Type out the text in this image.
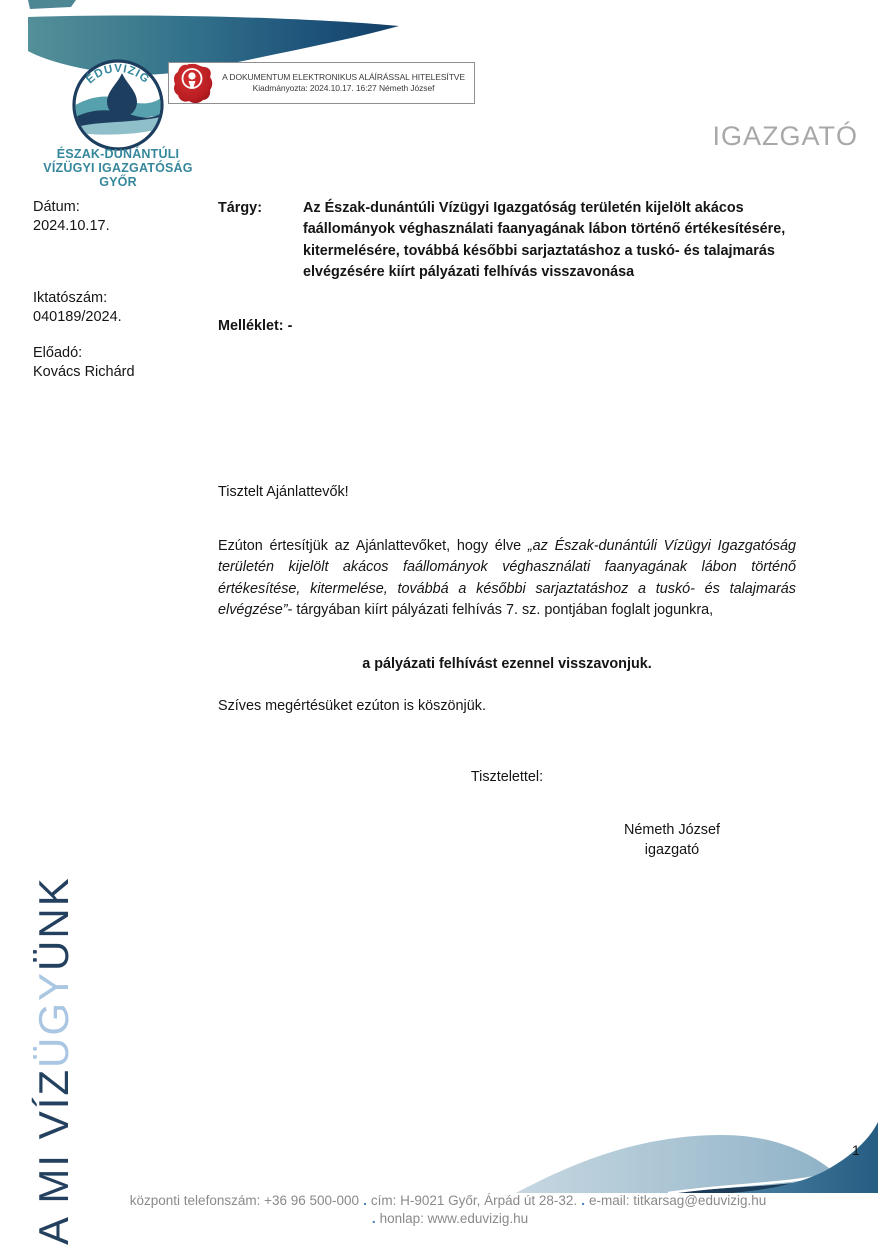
ÉDUVIZIG
ÉSZAK-DUNÁNTÚLI
VÍZÜGYI IGAZGATÓSÁG
GYŐR
A DOKUMENTUM ELEKTRONIKUS ALÁÍRÁSSAL HITELESÍTVE
Kiadmányozta: 2024.10.17. 16:27 Németh József
IGAZGATÓ
Dátum:
2024.10.17.
Iktatószám:
040189/2024.
Előadó:
Kovács Richárd
Tárgy:	Az Észak-dunántúli Vízügyi Igazgatóság területén kijelölt akácos faállományok véghasználati faanyagának lábon történő értékesítésére, kitermelésére, továbbá későbbi sarjaztatáshoz a tuskó- és talajmarás elvégzésére kiírt pályázati felhívás visszavonása
Melléklet: -
Tisztelt Ajánlattevők!
Ezúton értesítjük az Ajánlattevőket, hogy élve „az Észak-dunántúli Vízügyi Igazgatóság területén kijelölt akácos faállományok véghasználati faanyagának lábon történő értékesítése, kitermelése, továbbá a későbbi sarjaztatáshoz a tuskó- és talajmarás elvégzése”- tárgyában kiírt pályázati felhívás 7. sz. pontjában foglalt jogunkra,
a pályázati felhívást ezennel visszavonjuk.
Szíves megértésüket ezúton is köszönjük.
Tisztelettel:
Németh József
igazgató
A MI VÍZÜGYÜNK
1
központi telefonszám: +36 96 500-000 . cím: H-9021 Győr, Árpád út 28-32. . e-mail: titkarsag@eduvizig.hu
. honlap: www.eduvizig.hu
